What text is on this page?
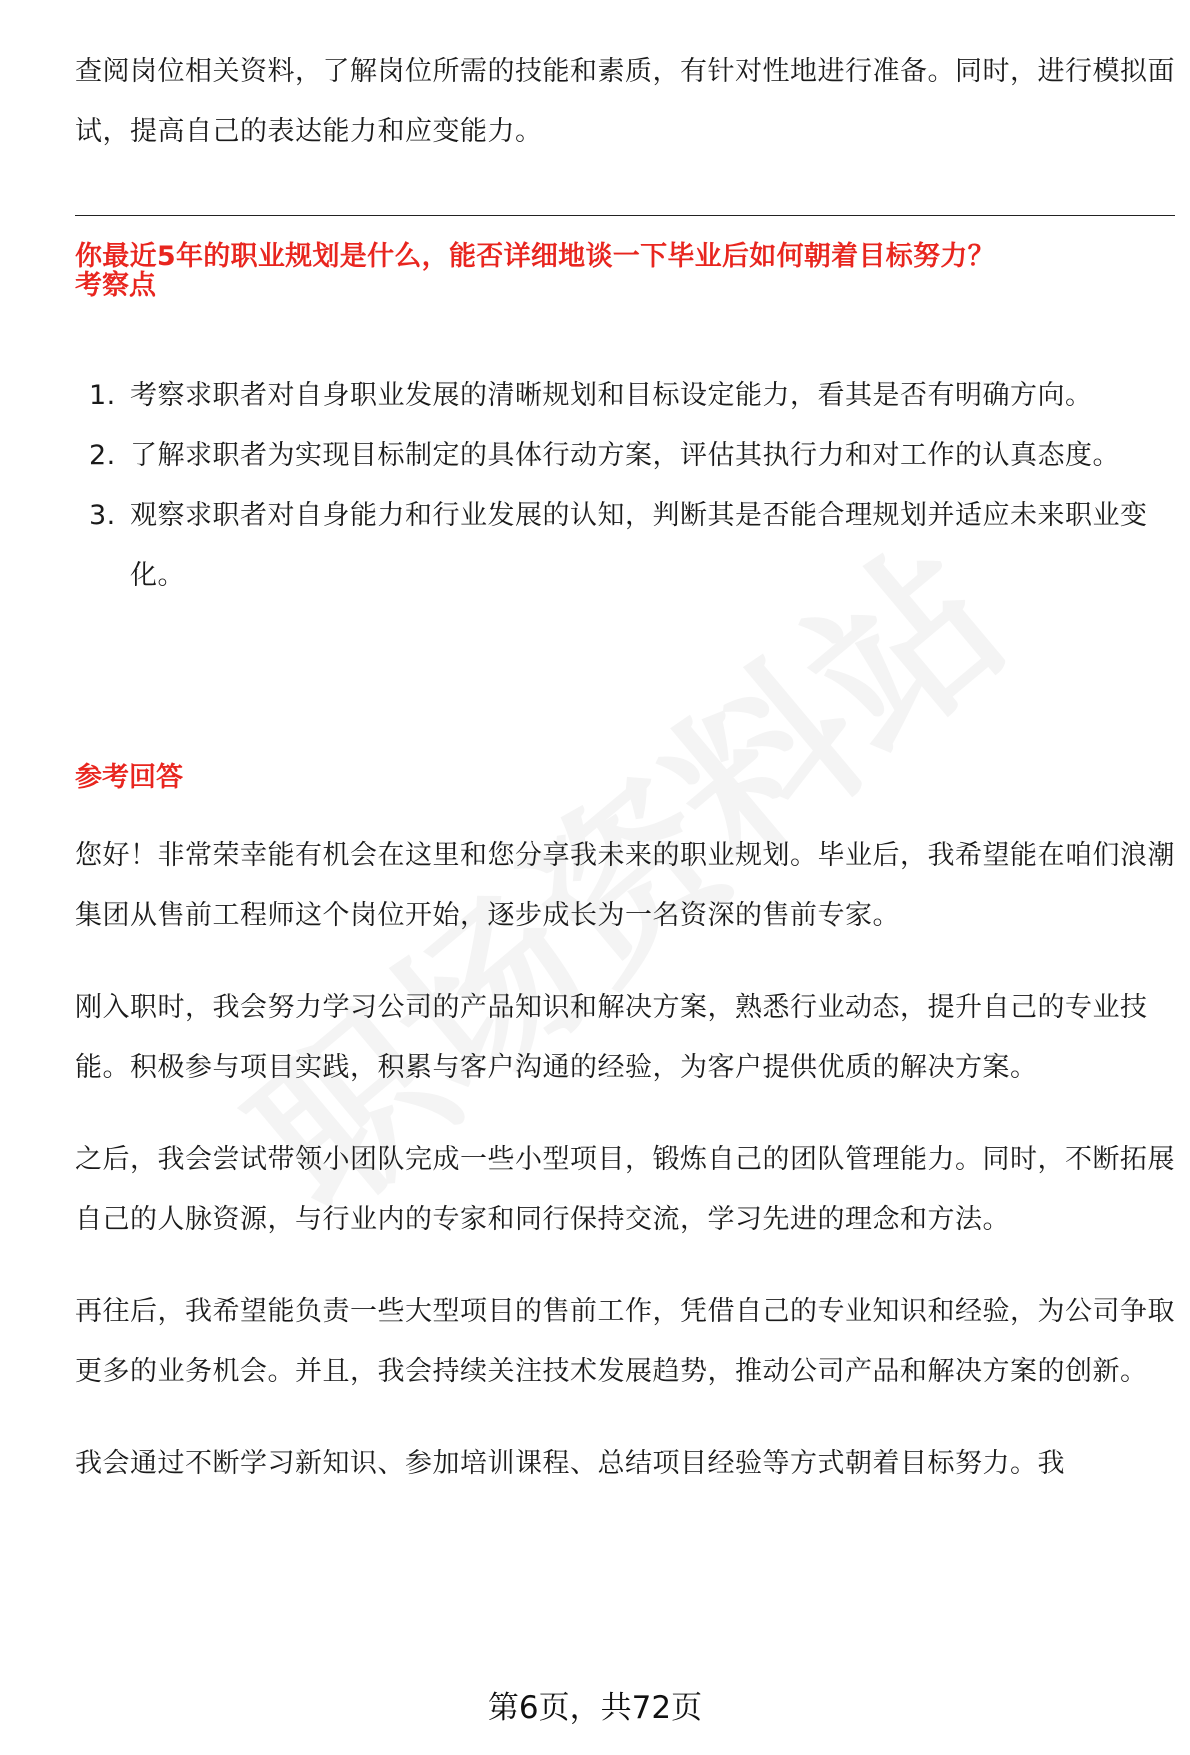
查阅岗位相关资料，了解岗位所需的技能和素质，有针对性地进行准备。同时，进行模拟面试，提高自己的表达能力和应变能力。

你最近5年的职业规划是什么，能否详细地谈一下毕业后如何朝着目标努力？
考察点
1. 考察求职者对自身职业发展的清晰规划和目标设定能力，看其是否有明确方向。
2. 了解求职者为实现目标制定的具体行动方案，评估其执行力和对工作的认真态度。
3. 观察求职者对自身能力和行业发展的认知，判断其是否能合理规划并适应未来职业变化。
参考回答

您好！非常荣幸能有机会在这里和您分享我未来的职业规划。毕业后，我希望能在咱们浪潮集团从售前工程师这个岗位开始，逐步成长为一名资深的售前专家。

刚入职时，我会努力学习公司的产品知识和解决方案，熟悉行业动态，提升自己的专业技能。积极参与项目实践，积累与客户沟通的经验，为客户提供优质的解决方案。

之后，我会尝试带领小团队完成一些小型项目，锻炼自己的团队管理能力。同时，不断拓展自己的人脉资源，与行业内的专家和同行保持交流，学习先进的理念和方法。

再往后，我希望能负责一些大型项目的售前工作，凭借自己的专业知识和经验，为公司争取更多的业务机会。并且，我会持续关注技术发展趋势，推动公司产品和解决方案的创新。

我会通过不断学习新知识、参加培训课程、总结项目经验等方式朝着目标努力。我

第6页，共72页
